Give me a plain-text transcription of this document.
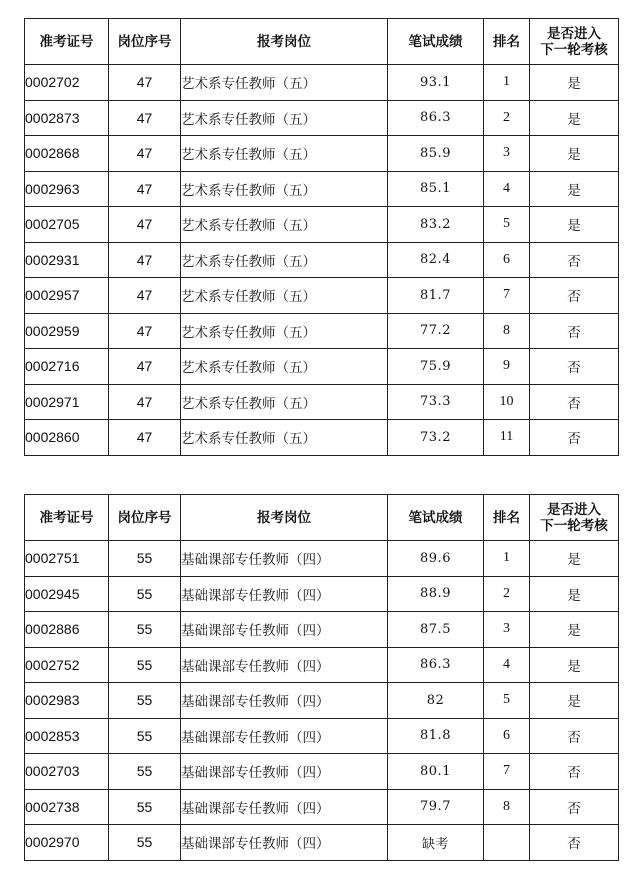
准考证号	岗位序号	报考岗位	笔试成绩	排名	是否进入
下一轮考核
0002702	47	艺术系专任教师（五）	93.1	1	是
0002873	47	艺术系专任教师（五）	86.3	2	是
0002868	47	艺术系专任教师（五）	85.9	3	是
0002963	47	艺术系专任教师（五）	85.1	4	是
0002705	47	艺术系专任教师（五）	83.2	5	是
0002931	47	艺术系专任教师（五）	82.4	6	否
0002957	47	艺术系专任教师（五）	81.7	7	否
0002959	47	艺术系专任教师（五）	77.2	8	否
0002716	47	艺术系专任教师（五）	75.9	9	否
0002971	47	艺术系专任教师（五）	73.3	10	否
0002860	47	艺术系专任教师（五）	73.2	11	否
准考证号	岗位序号	报考岗位	笔试成绩	排名	是否进入
下一轮考核
0002751	55	基础课部专任教师（四）	89.6	1	是
0002945	55	基础课部专任教师（四）	88.9	2	是
0002886	55	基础课部专任教师（四）	87.5	3	是
0002752	55	基础课部专任教师（四）	86.3	4	是
0002983	55	基础课部专任教师（四）	82	5	是
0002853	55	基础课部专任教师（四）	81.8	6	否
0002703	55	基础课部专任教师（四）	80.1	7	否
0002738	55	基础课部专任教师（四）	79.7	8	否
0002970	55	基础课部专任教师（四）	缺考		否
